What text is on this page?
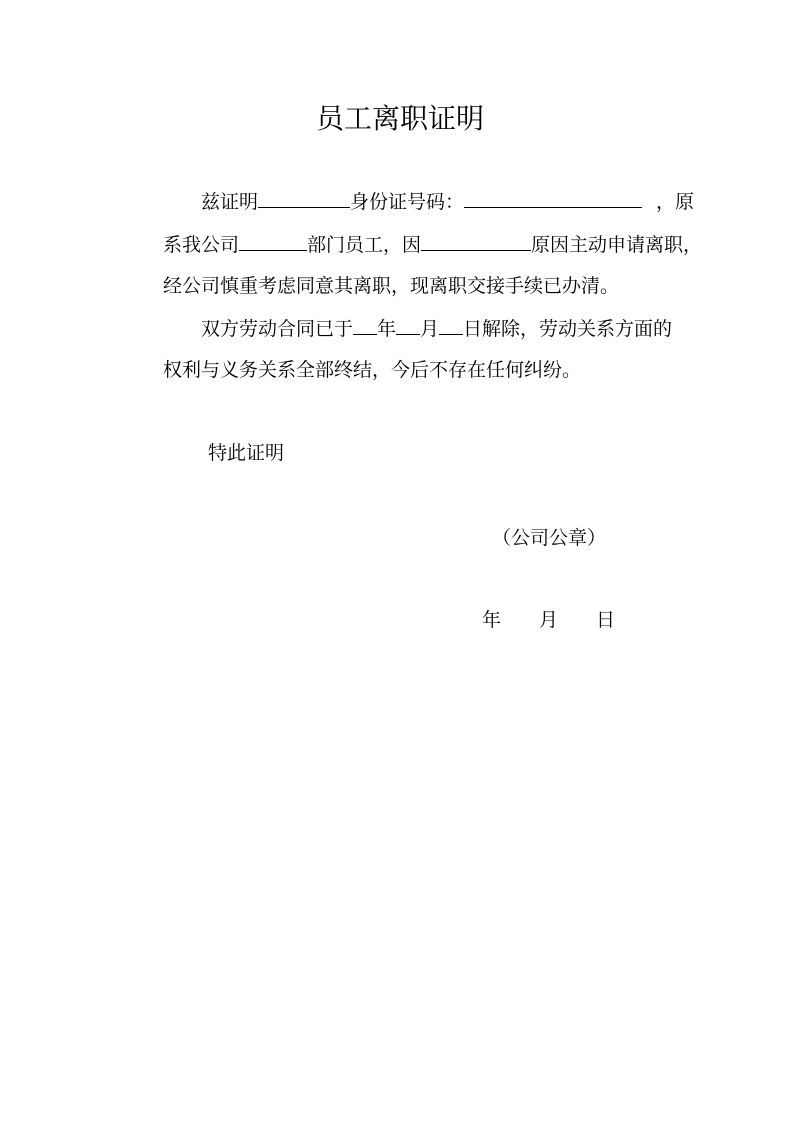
员工离职证明
兹证明	身份证号码：	，原
系我公司	部门员工，因	原因主动申请离职，
经公司慎重考虑同意其离职，现离职交接手续已办清。
双方劳动合同已于 年 月 日解除，劳动关系方面的
权利与义务关系全部终结，今后不存在任何纠纷。
特此证明
（公司公章）
年 月 日
